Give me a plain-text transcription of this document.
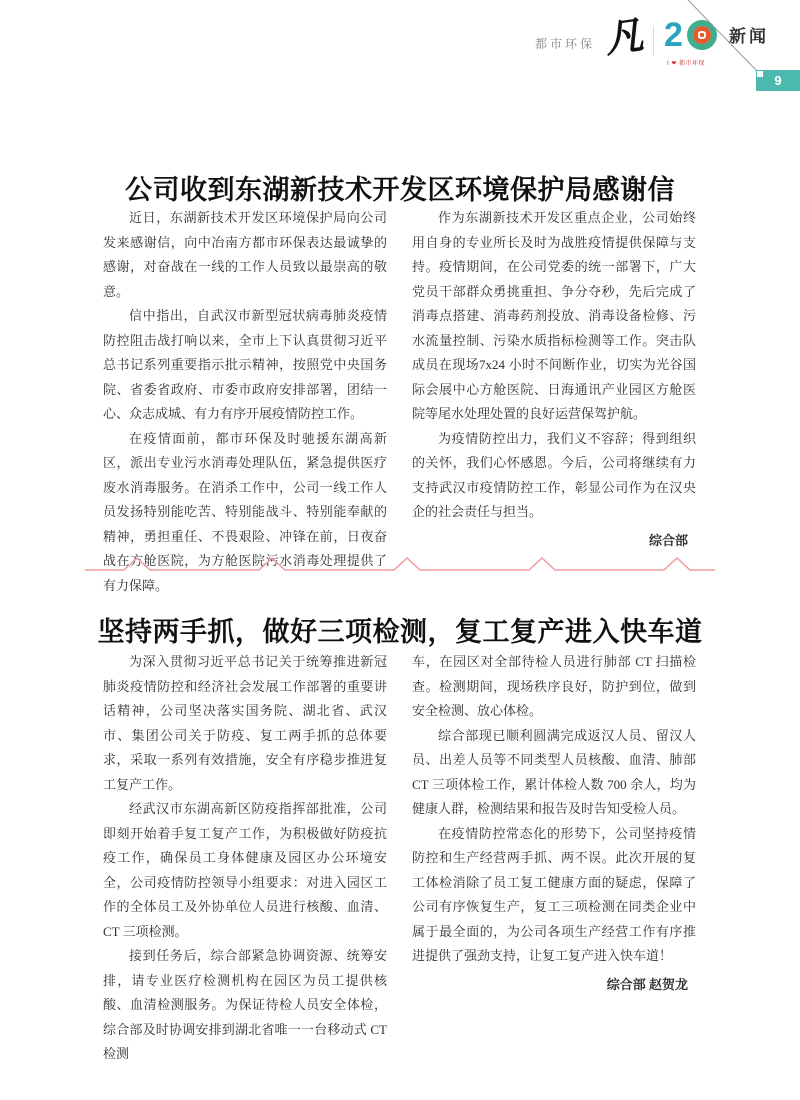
都市环保 凡 2
I ❤ 都市环保
新闻
9
公司收到东湖新技术开发区环境保护局感谢信

近日，东湖新技术开发区环境保护局向公司发来感谢信，向中冶南方都市环保表达最诚挚的感谢，对奋战在一线的工作人员致以最崇高的敬意。

信中指出，自武汉市新型冠状病毒肺炎疫情防控阻击战打响以来，全市上下认真贯彻习近平总书记系列重要指示批示精神，按照党中央国务院、省委省政府、市委市政府安排部署，团结一心、众志成城、有力有序开展疫情防控工作。

在疫情面前，都市环保及时驰援东湖高新区，派出专业污水消毒处理队伍，紧急提供医疗废水消毒服务。在消杀工作中，公司一线工作人员发扬特别能吃苦、特别能战斗、特别能奉献的精神，勇担重任、不畏艰险、冲锋在前，日夜奋战在方舱医院，为方舱医院污水消毒处理提供了有力保障。

作为东湖新技术开发区重点企业，公司始终用自身的专业所长及时为战胜疫情提供保障与支持。疫情期间，在公司党委的统一部署下，广大党员干部群众勇挑重担、争分夺秒，先后完成了消毒点搭建、消毒药剂投放、消毒设备检修、污水流量控制、污染水质指标检测等工作。突击队成员在现场7x24 小时不间断作业，切实为光谷国际会展中心方舱医院、日海通讯产业园区方舱医院等尾水处理处置的良好运营保驾护航。

为疫情防控出力，我们义不容辞；得到组织的关怀，我们心怀感恩。今后，公司将继续有力支持武汉市疫情防控工作，彰显公司作为在汉央企的社会责任与担当。

综合部

坚持两手抓，做好三项检测，复工复产进入快车道

为深入贯彻习近平总书记关于统筹推进新冠肺炎疫情防控和经济社会发展工作部署的重要讲话精神，公司坚决落实国务院、湖北省、武汉市、集团公司关于防疫、复工两手抓的总体要求，采取一系列有效措施，安全有序稳步推进复工复产工作。

经武汉市东湖高新区防疫指挥部批准，公司即刻开始着手复工复产工作，为积极做好防疫抗疫工作，确保员工身体健康及园区办公环境安全，公司疫情防控领导小组要求：对进入园区工作的全体员工及外协单位人员进行核酸、血清、CT 三项检测。

接到任务后，综合部紧急协调资源、统筹安排，请专业医疗检测机构在园区为员工提供核酸、血清检测服务。为保证待检人员安全体检，综合部及时协调安排到湖北省唯一一台移动式 CT 检测

车，在园区对全部待检人员进行肺部 CT 扫描检查。检测期间，现场秩序良好，防护到位，做到安全检测、放心体检。

综合部现已顺利圆满完成返汉人员、留汉人员、出差人员等不同类型人员核酸、血清、肺部 CT 三项体检工作，累计体检人数 700 余人，均为健康人群，检测结果和报告及时告知受检人员。

在疫情防控常态化的形势下，公司坚持疫情防控和生产经营两手抓、两不误。此次开展的复工体检消除了员工复工健康方面的疑虑，保障了公司有序恢复生产，复工三项检测在同类企业中属于最全面的，为公司各项生产经营工作有序推进提供了强劲支持，让复工复产进入快车道！

综合部 赵贺龙
